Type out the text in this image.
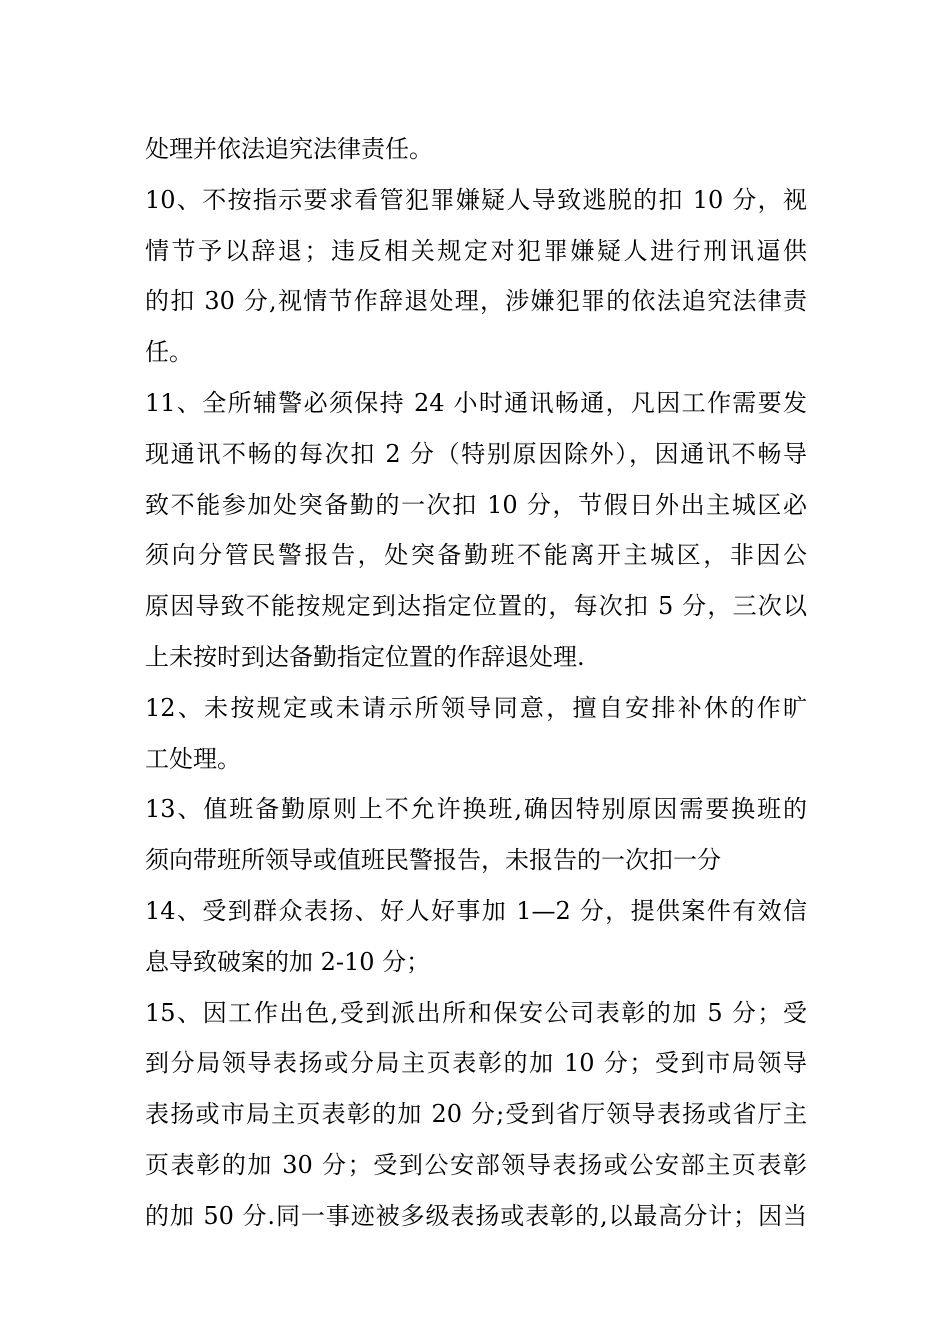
处理并依法追究法律责任。
10、不按指示要求看管犯罪嫌疑人导致逃脱的扣 10 分，视
情节予以辞退；违反相关规定对犯罪嫌疑人进行刑讯逼供
的扣 30 分,视情节作辞退处理，涉嫌犯罪的依法追究法律责
任。
11、全所辅警必须保持 24 小时通讯畅通，凡因工作需要发
现通讯不畅的每次扣 2 分（特别原因除外），因通讯不畅导
致不能参加处突备勤的一次扣 10 分，节假日外出主城区必
须向分管民警报告，处突备勤班不能离开主城区，非因公
原因导致不能按规定到达指定位置的，每次扣 5 分，三次以
上未按时到达备勤指定位置的作辞退处理.
12、未按规定或未请示所领导同意，擅自安排补休的作旷
工处理。
13、值班备勤原则上不允许换班,确因特别原因需要换班的
须向带班所领导或值班民警报告，未报告的一次扣一分
14、受到群众表扬、好人好事加 1—2 分，提供案件有效信
息导致破案的加 2-10 分；
15、因工作出色,受到派出所和保安公司表彰的加 5 分；受
到分局领导表扬或分局主页表彰的加 10 分；受到市局领导
表扬或市局主页表彰的加 20 分;受到省厅领导表扬或省厅主
页表彰的加 30 分；受到公安部领导表扬或公安部主页表彰
的加 50 分.同一事迹被多级表扬或表彰的,以最高分计；因当
